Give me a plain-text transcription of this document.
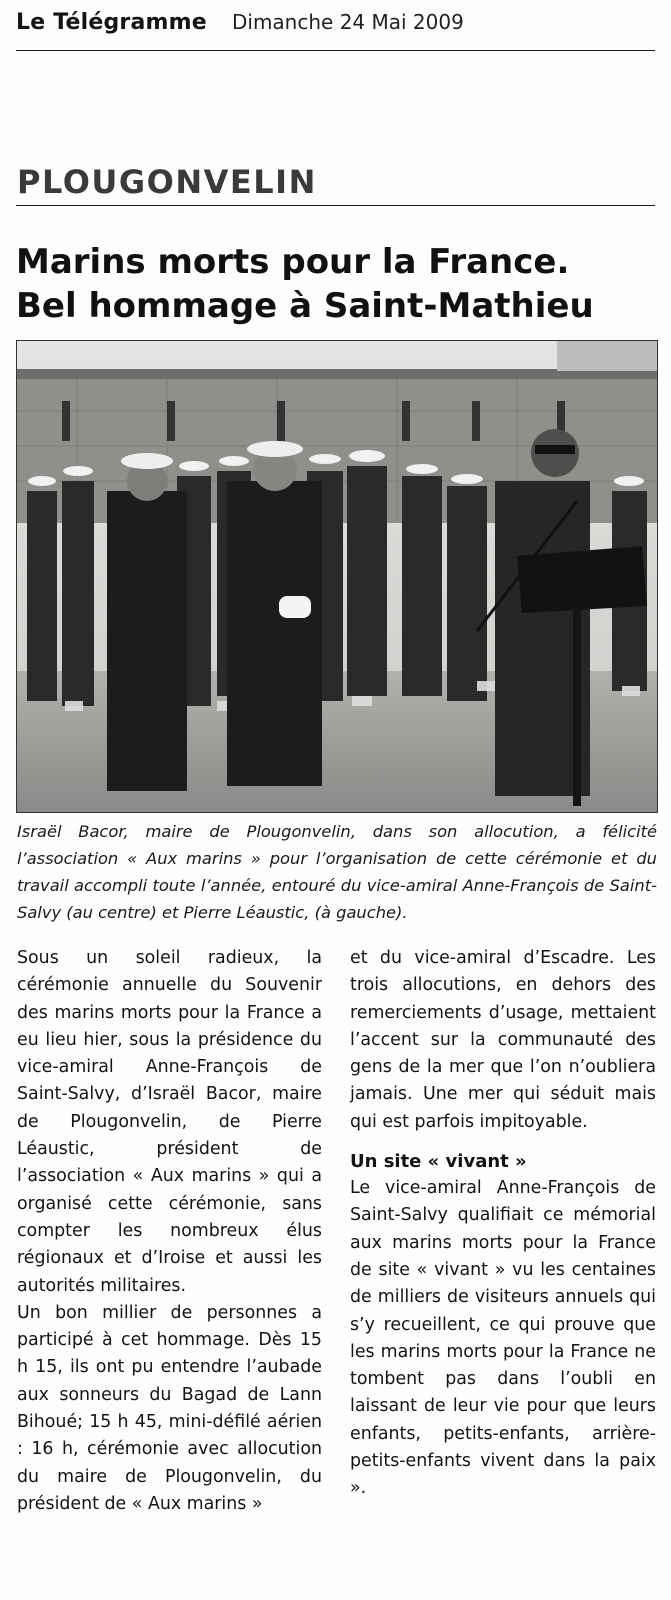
Le Télégramme Dimanche 24 Mai 2009
PLOUGONVELIN
Marins morts pour la France.
Bel hommage à Saint-Mathieu
Israël Bacor, maire de Plougonvelin, dans son allocution, a félicité l’association « Aux marins » pour l’organisation de cette cérémonie et du travail accompli toute l’année, entouré du vice-amiral Anne-François de Saint-Salvy (au centre) et Pierre Léaustic, (à gauche).

Sous un soleil radieux, la cérémonie annuelle du Souvenir des marins morts pour la France a eu lieu hier, sous la présidence du vice-amiral Anne-François de Saint-Salvy, d’Israël Bacor, maire de Plougonvelin, de Pierre Léaustic, président de l’association « Aux marins » qui a organisé cette cérémonie, sans compter les nombreux élus régionaux et d’Iroise et aussi les autorités militaires.

Un bon millier de personnes a participé à cet hommage. Dès 15 h 15, ils ont pu entendre l’aubade aux sonneurs du Bagad de Lann Bihoué; 15 h 45, mini-défilé aérien : 16 h, cérémonie avec allocution du maire de Plougonvelin, du président de « Aux marins »

et du vice-amiral d’Escadre. Les trois allocutions, en dehors des remerciements d’usage, mettaient l’accent sur la communauté des gens de la mer que l’on n’oubliera jamais. Une mer qui séduit mais qui est parfois impitoyable.

Un site « vivant »

Le vice-amiral Anne-François de Saint-Salvy qualifiait ce mémorial aux marins morts pour la France de site « vivant » vu les centaines de milliers de visiteurs annuels qui s’y recueillent, ce qui prouve que les marins morts pour la France ne tombent pas dans l’oubli en laissant de leur vie pour que leurs enfants, petits-enfants, arrière-petits-enfants vivent dans la paix ».
